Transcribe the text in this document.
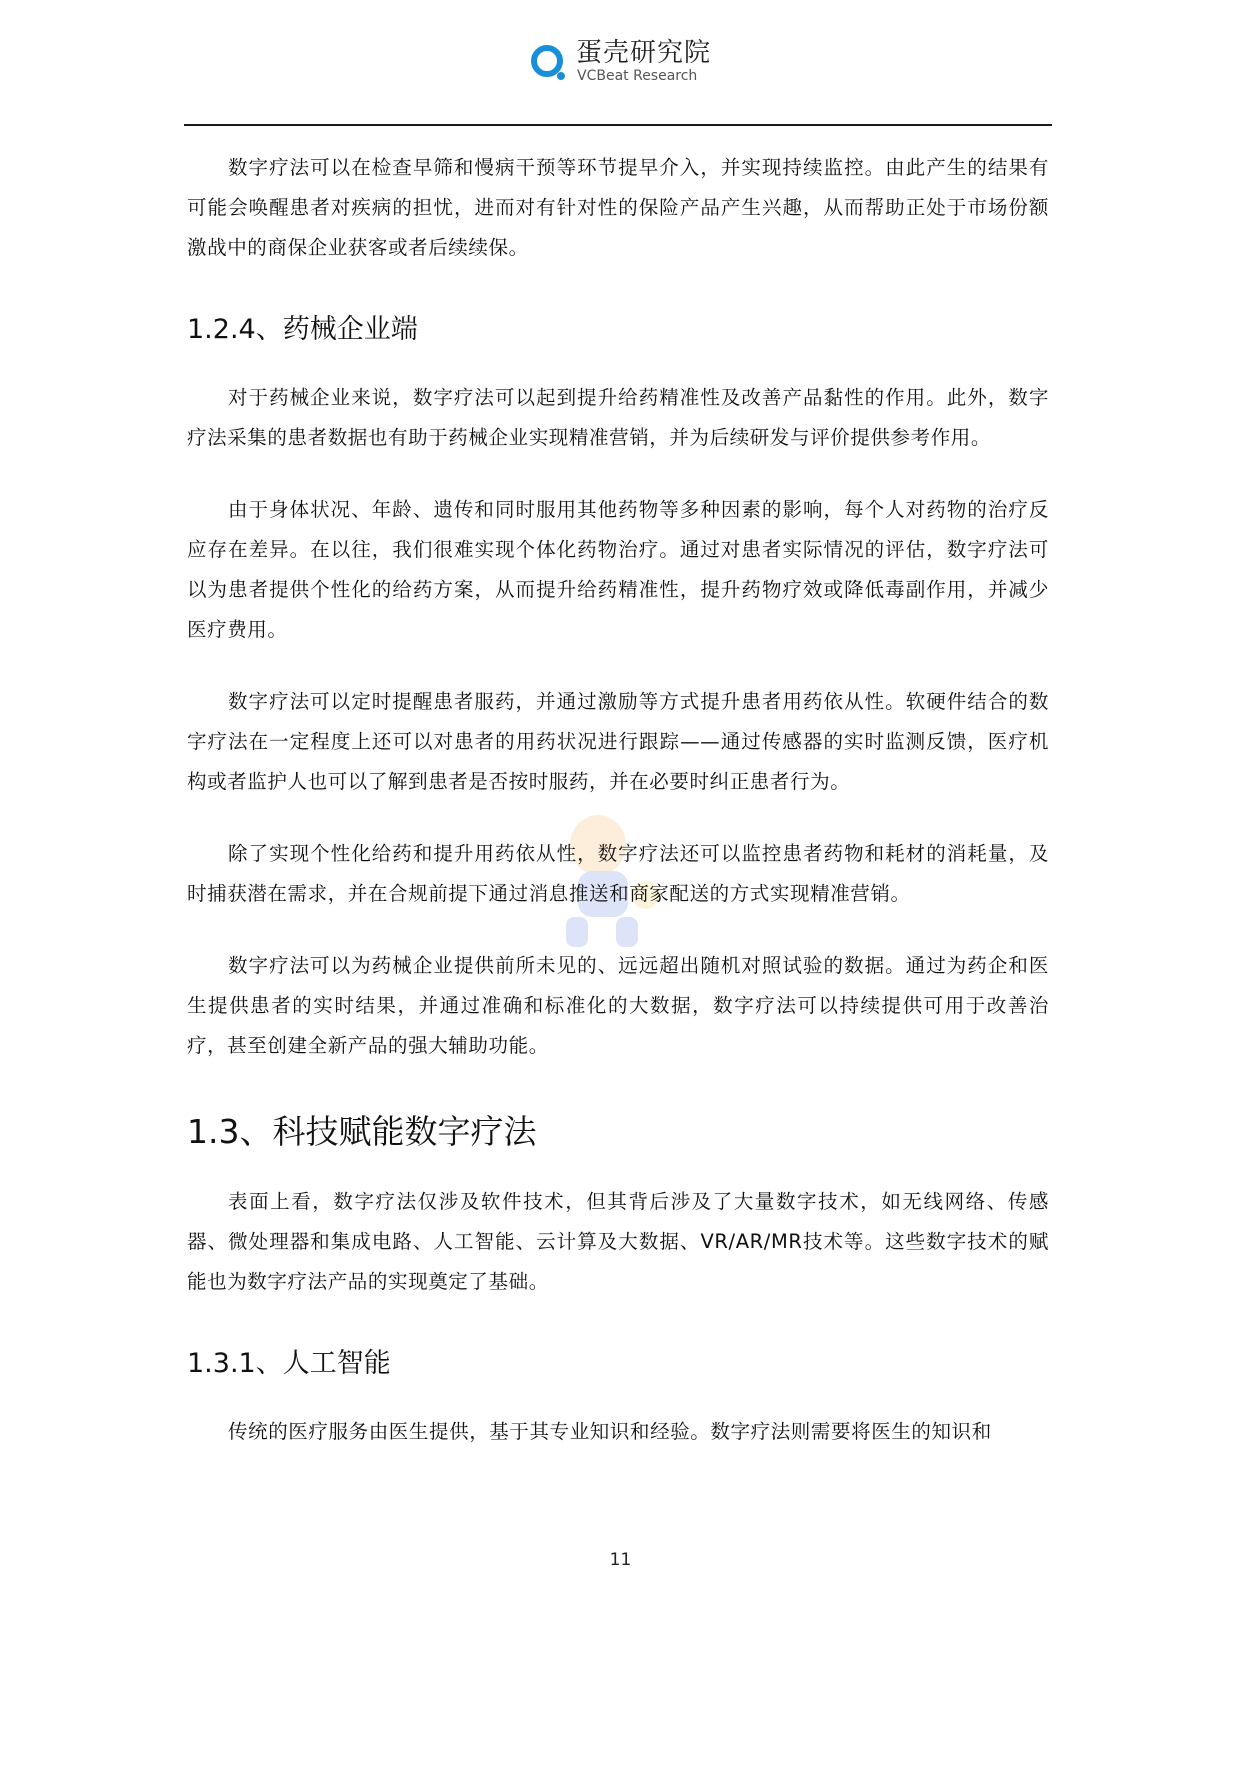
蛋壳研究院
VCBeat Research

数字疗法可以在检查早筛和慢病干预等环节提早介入，并实现持续监控。由此产生的结果有可能会唤醒患者对疾病的担忧，进而对有针对性的保险产品产生兴趣，从而帮助正处于市场份额激战中的商保企业获客或者后续续保。

1.2.4、药械企业端

对于药械企业来说，数字疗法可以起到提升给药精准性及改善产品黏性的作用。此外，数字疗法采集的患者数据也有助于药械企业实现精准营销，并为后续研发与评价提供参考作用。

由于身体状况、年龄、遗传和同时服用其他药物等多种因素的影响，每个人对药物的治疗反应存在差异。在以往，我们很难实现个体化药物治疗。通过对患者实际情况的评估，数字疗法可以为患者提供个性化的给药方案，从而提升给药精准性，提升药物疗效或降低毒副作用，并减少医疗费用。

数字疗法可以定时提醒患者服药，并通过激励等方式提升患者用药依从性。软硬件结合的数字疗法在一定程度上还可以对患者的用药状况进行跟踪——通过传感器的实时监测反馈，医疗机构或者监护人也可以了解到患者是否按时服药，并在必要时纠正患者行为。

除了实现个性化给药和提升用药依从性，数字疗法还可以监控患者药物和耗材的消耗量，及时捕获潜在需求，并在合规前提下通过消息推送和商家配送的方式实现精准营销。

数字疗法可以为药械企业提供前所未见的、远远超出随机对照试验的数据。通过为药企和医生提供患者的实时结果，并通过准确和标准化的大数据，数字疗法可以持续提供可用于改善治疗，甚至创建全新产品的强大辅助功能。

1.3、科技赋能数字疗法

表面上看，数字疗法仅涉及软件技术，但其背后涉及了大量数字技术，如无线网络、传感器、微处理器和集成电路、人工智能、云计算及大数据、VR/AR/MR技术等。这些数字技术的赋能也为数字疗法产品的实现奠定了基础。

1.3.1、人工智能

传统的医疗服务由医生提供，基于其专业知识和经验。数字疗法则需要将医生的知识和

11
